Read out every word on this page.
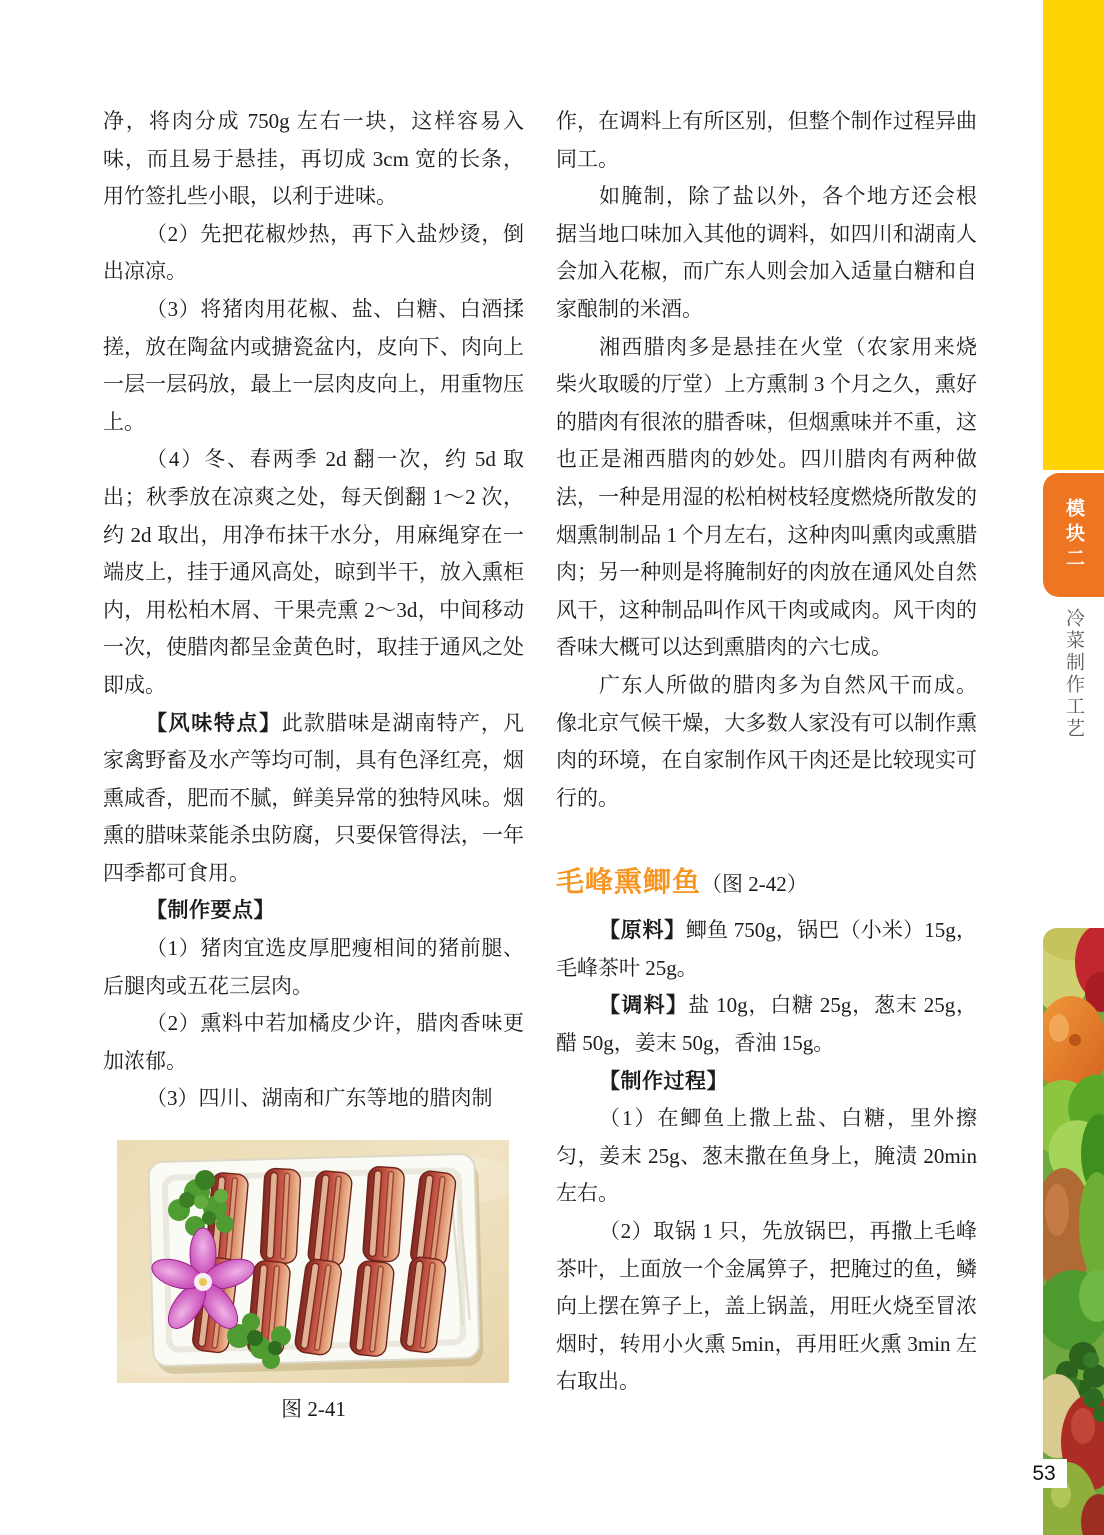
净，将肉分成 750g 左右一块，这样容易入味，而且易于悬挂，再切成 3cm 宽的长条，用竹签扎些小眼，以利于进味。

（2）先把花椒炒热，再下入盐炒烫，倒出凉凉。

（3）将猪肉用花椒、盐、白糖、白酒揉搓，放在陶盆内或搪瓷盆内，皮向下、肉向上一层一层码放，最上一层肉皮向上，用重物压上。

（4）冬、春两季 2d 翻一次，约 5d 取出；秋季放在凉爽之处，每天倒翻 1～2 次，约 2d 取出，用净布抹干水分，用麻绳穿在一端皮上，挂于通风高处，晾到半干，放入熏柜内，用松柏木屑、干果壳熏 2～3d，中间移动一次，使腊肉都呈金黄色时，取挂于通风之处即成。

【风味特点】此款腊味是湖南特产，凡家禽野畜及水产等均可制，具有色泽红亮，烟熏咸香，肥而不腻，鲜美异常的独特风味。烟熏的腊味菜能杀虫防腐，只要保管得法，一年四季都可食用。

【制作要点】

（1）猪肉宜选皮厚肥瘦相间的猪前腿、后腿肉或五花三层肉。

（2）熏料中若加橘皮少许，腊肉香味更加浓郁。

（3）四川、湖南和广东等地的腊肉制

作，在调料上有所区别，但整个制作过程异曲同工。

如腌制，除了盐以外，各个地方还会根据当地口味加入其他的调料，如四川和湖南人会加入花椒，而广东人则会加入适量白糖和自家酿制的米酒。

湘西腊肉多是悬挂在火堂（农家用来烧柴火取暖的厅堂）上方熏制 3 个月之久，熏好的腊肉有很浓的腊香味，但烟熏味并不重，这也正是湘西腊肉的妙处。四川腊肉有两种做法，一种是用湿的松柏树枝轻度燃烧所散发的烟熏制制品 1 个月左右，这种肉叫熏肉或熏腊肉；另一种则是将腌制好的肉放在通风处自然风干，这种制品叫作风干肉或咸肉。风干肉的香味大概可以达到熏腊肉的六七成。

广东人所做的腊肉多为自然风干而成。像北京气候干燥，大多数人家没有可以制作熏肉的环境，在自家制作风干肉还是比较现实可行的。

毛峰熏鲫鱼（图 2-42）

【原料】鲫鱼 750g，锅巴（小米）15g，毛峰茶叶 25g。

【调料】盐 10g，白糖 25g，葱末 25g，醋 50g，姜末 50g，香油 15g。

【制作过程】

（1）在鲫鱼上撒上盐、白糖，里外擦匀，姜末 25g、葱末撒在鱼身上，腌渍 20min 左右。

（2）取锅 1 只，先放锅巴，再撒上毛峰茶叶，上面放一个金属箅子，把腌过的鱼，鳞向上摆在箅子上，盖上锅盖，用旺火烧至冒浓烟时，转用小火熏 5min，再用旺火熏 3min 左右取出。

图 2-41
模块二
冷菜制作工艺
53
